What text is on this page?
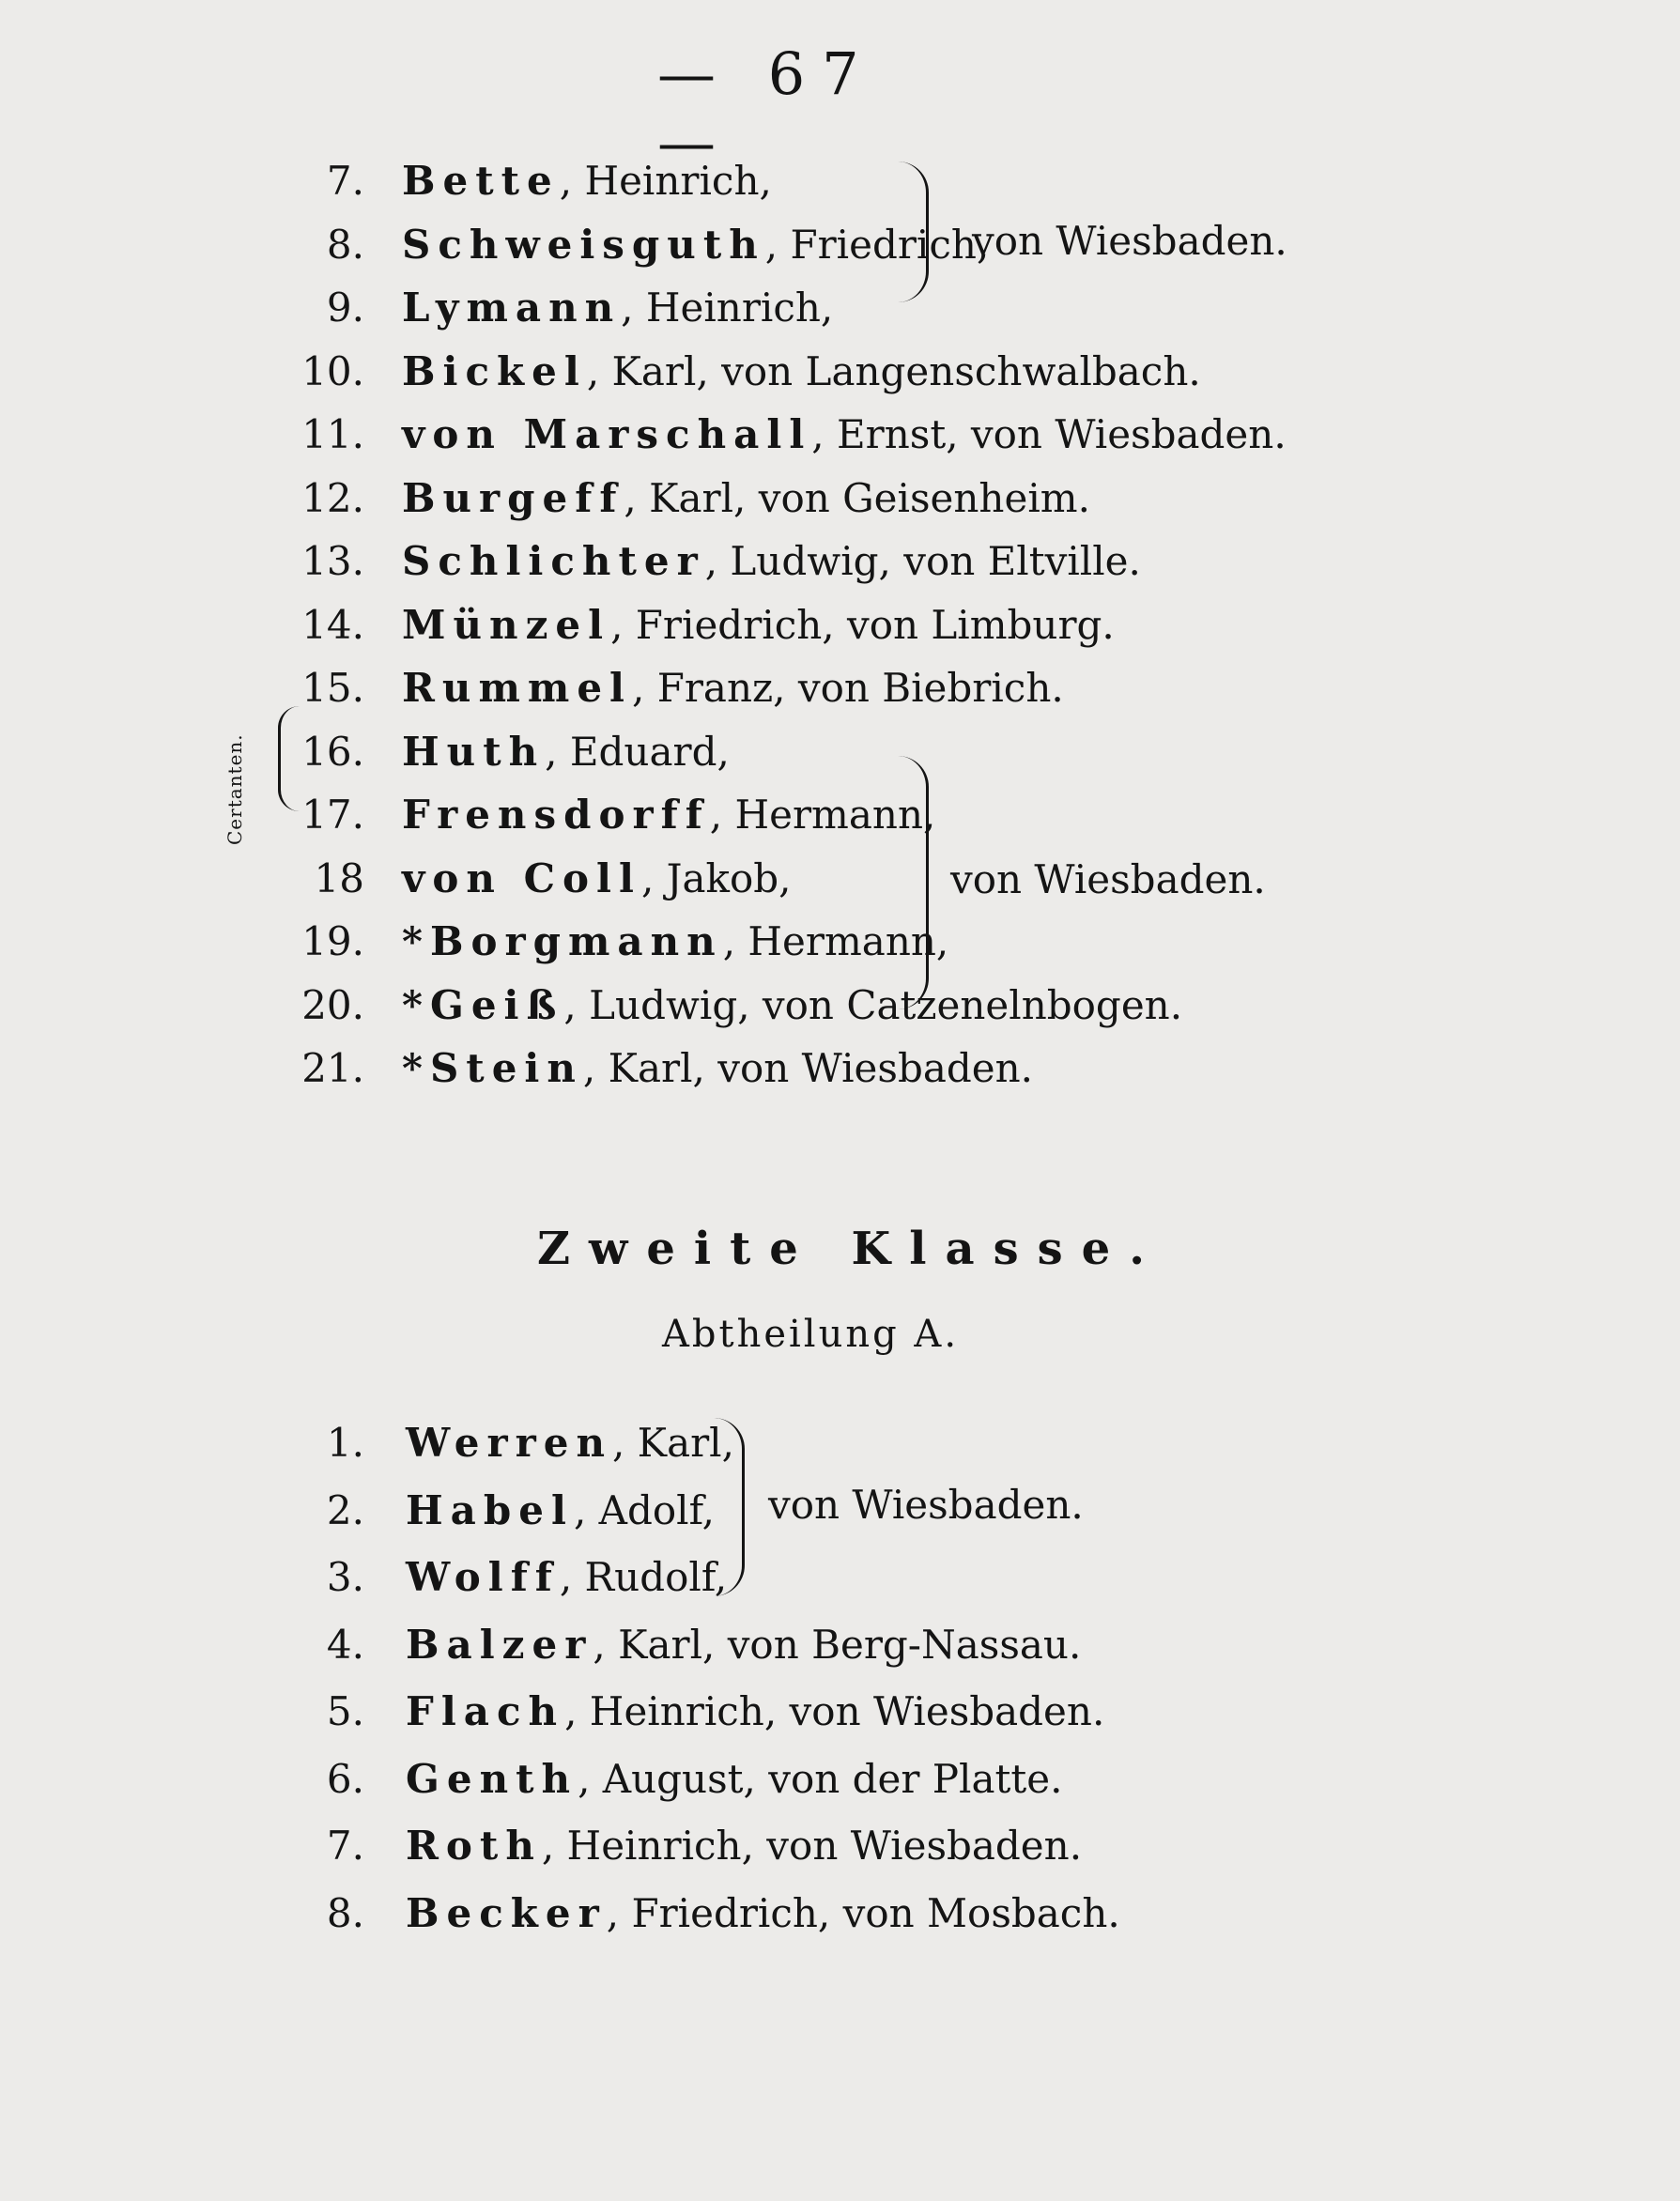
— 67 —
7. Bette, Heinrich,
8. Schweisguth, Friedrich,
9. Lymann, Heinrich,
10. Bickel, Karl, von Langenschwalbach.
11. von Marschall, Ernst, von Wiesbaden.
12. Burgeff, Karl, von Geisenheim.
13. Schlichter, Ludwig, von Eltville.
14. Münzel, Friedrich, von Limburg.
15. Rummel, Franz, von Biebrich.
16. Huth, Eduard,
17. Frensdorff, Hermann,
18 von Coll, Jakob,
19. *Borgmann, Hermann,
20. *Geiß, Ludwig, von Catzenelnbogen.
21. *Stein, Karl, von Wiesbaden.
von Wiesbaden.
Certanten.
von Wiesbaden.
Zweite Klasse.
Abtheilung A.
1. Werren, Karl,
2. Habel, Adolf,
3. Wolff, Rudolf,
4. Balzer, Karl, von Berg-Nassau.
5. Flach, Heinrich, von Wiesbaden.
6. Genth, August, von der Platte.
7. Roth, Heinrich, von Wiesbaden.
8. Becker, Friedrich, von Mosbach.
von Wiesbaden.
